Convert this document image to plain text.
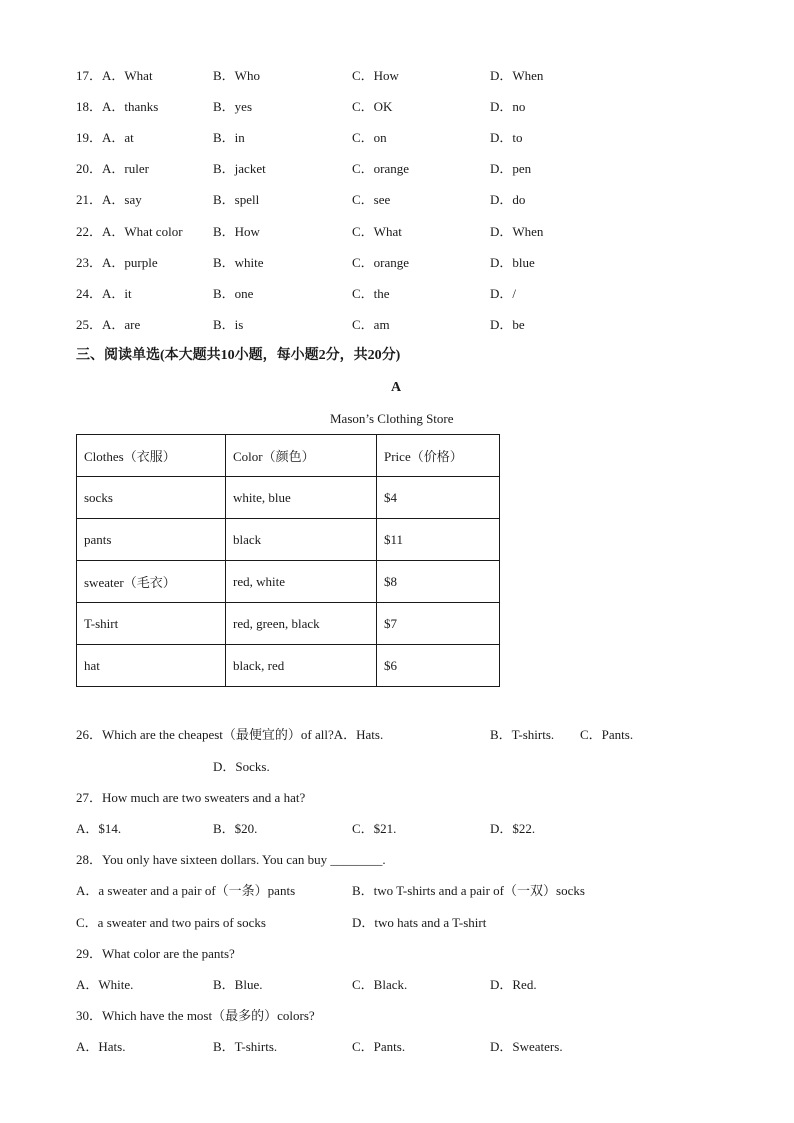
17．A．What	B．Who	C．How	D．When
18．A．thanks	B．yes	C．OK	D．no
19．A．at	B．in	C．on	D．to
20．A．ruler	B．jacket	C．orange	D．pen
21．A．say	B．spell	C．see	D．do
22．A．What color B．How	C．What	D．When
23．A．purple	B．white	C．orange	D．blue
24．A．it	B．one	C．the	D．/
25．A．are	B．is	C．am	D．be
三、阅读单选(本大题共10小题，每小题2分，共20分)
A
Mason’s Clothing Store
Clothes（衣服）	Color（颜色）	Price（价格）
socks	white, blue	$4
pants	black	$11
sweater（毛衣）	red, white	$8
T-shirt	red, green, black	$7
hat	black, red	$6
26．Which are the cheapest（最便宜的）of all?A．Hats.	B．T-shirts. C．Pants.
D．Socks.
27．How much are two sweaters and a hat?
A．$14.	B．$20.	C．$21.	D．$22.
28．You only have sixteen dollars. You can buy ________.
A．a sweater and a pair of（一条）pants	B．two T-shirts and a pair of（一双）socks
C．a sweater and two pairs of socks	D．two hats and a T-shirt
29．What color are the pants?
A．White.	B．Blue.	C．Black.	D．Red.
30．Which have the most（最多的）colors?
A．Hats.	B．T-shirts.	C．Pants.	D．Sweaters.
